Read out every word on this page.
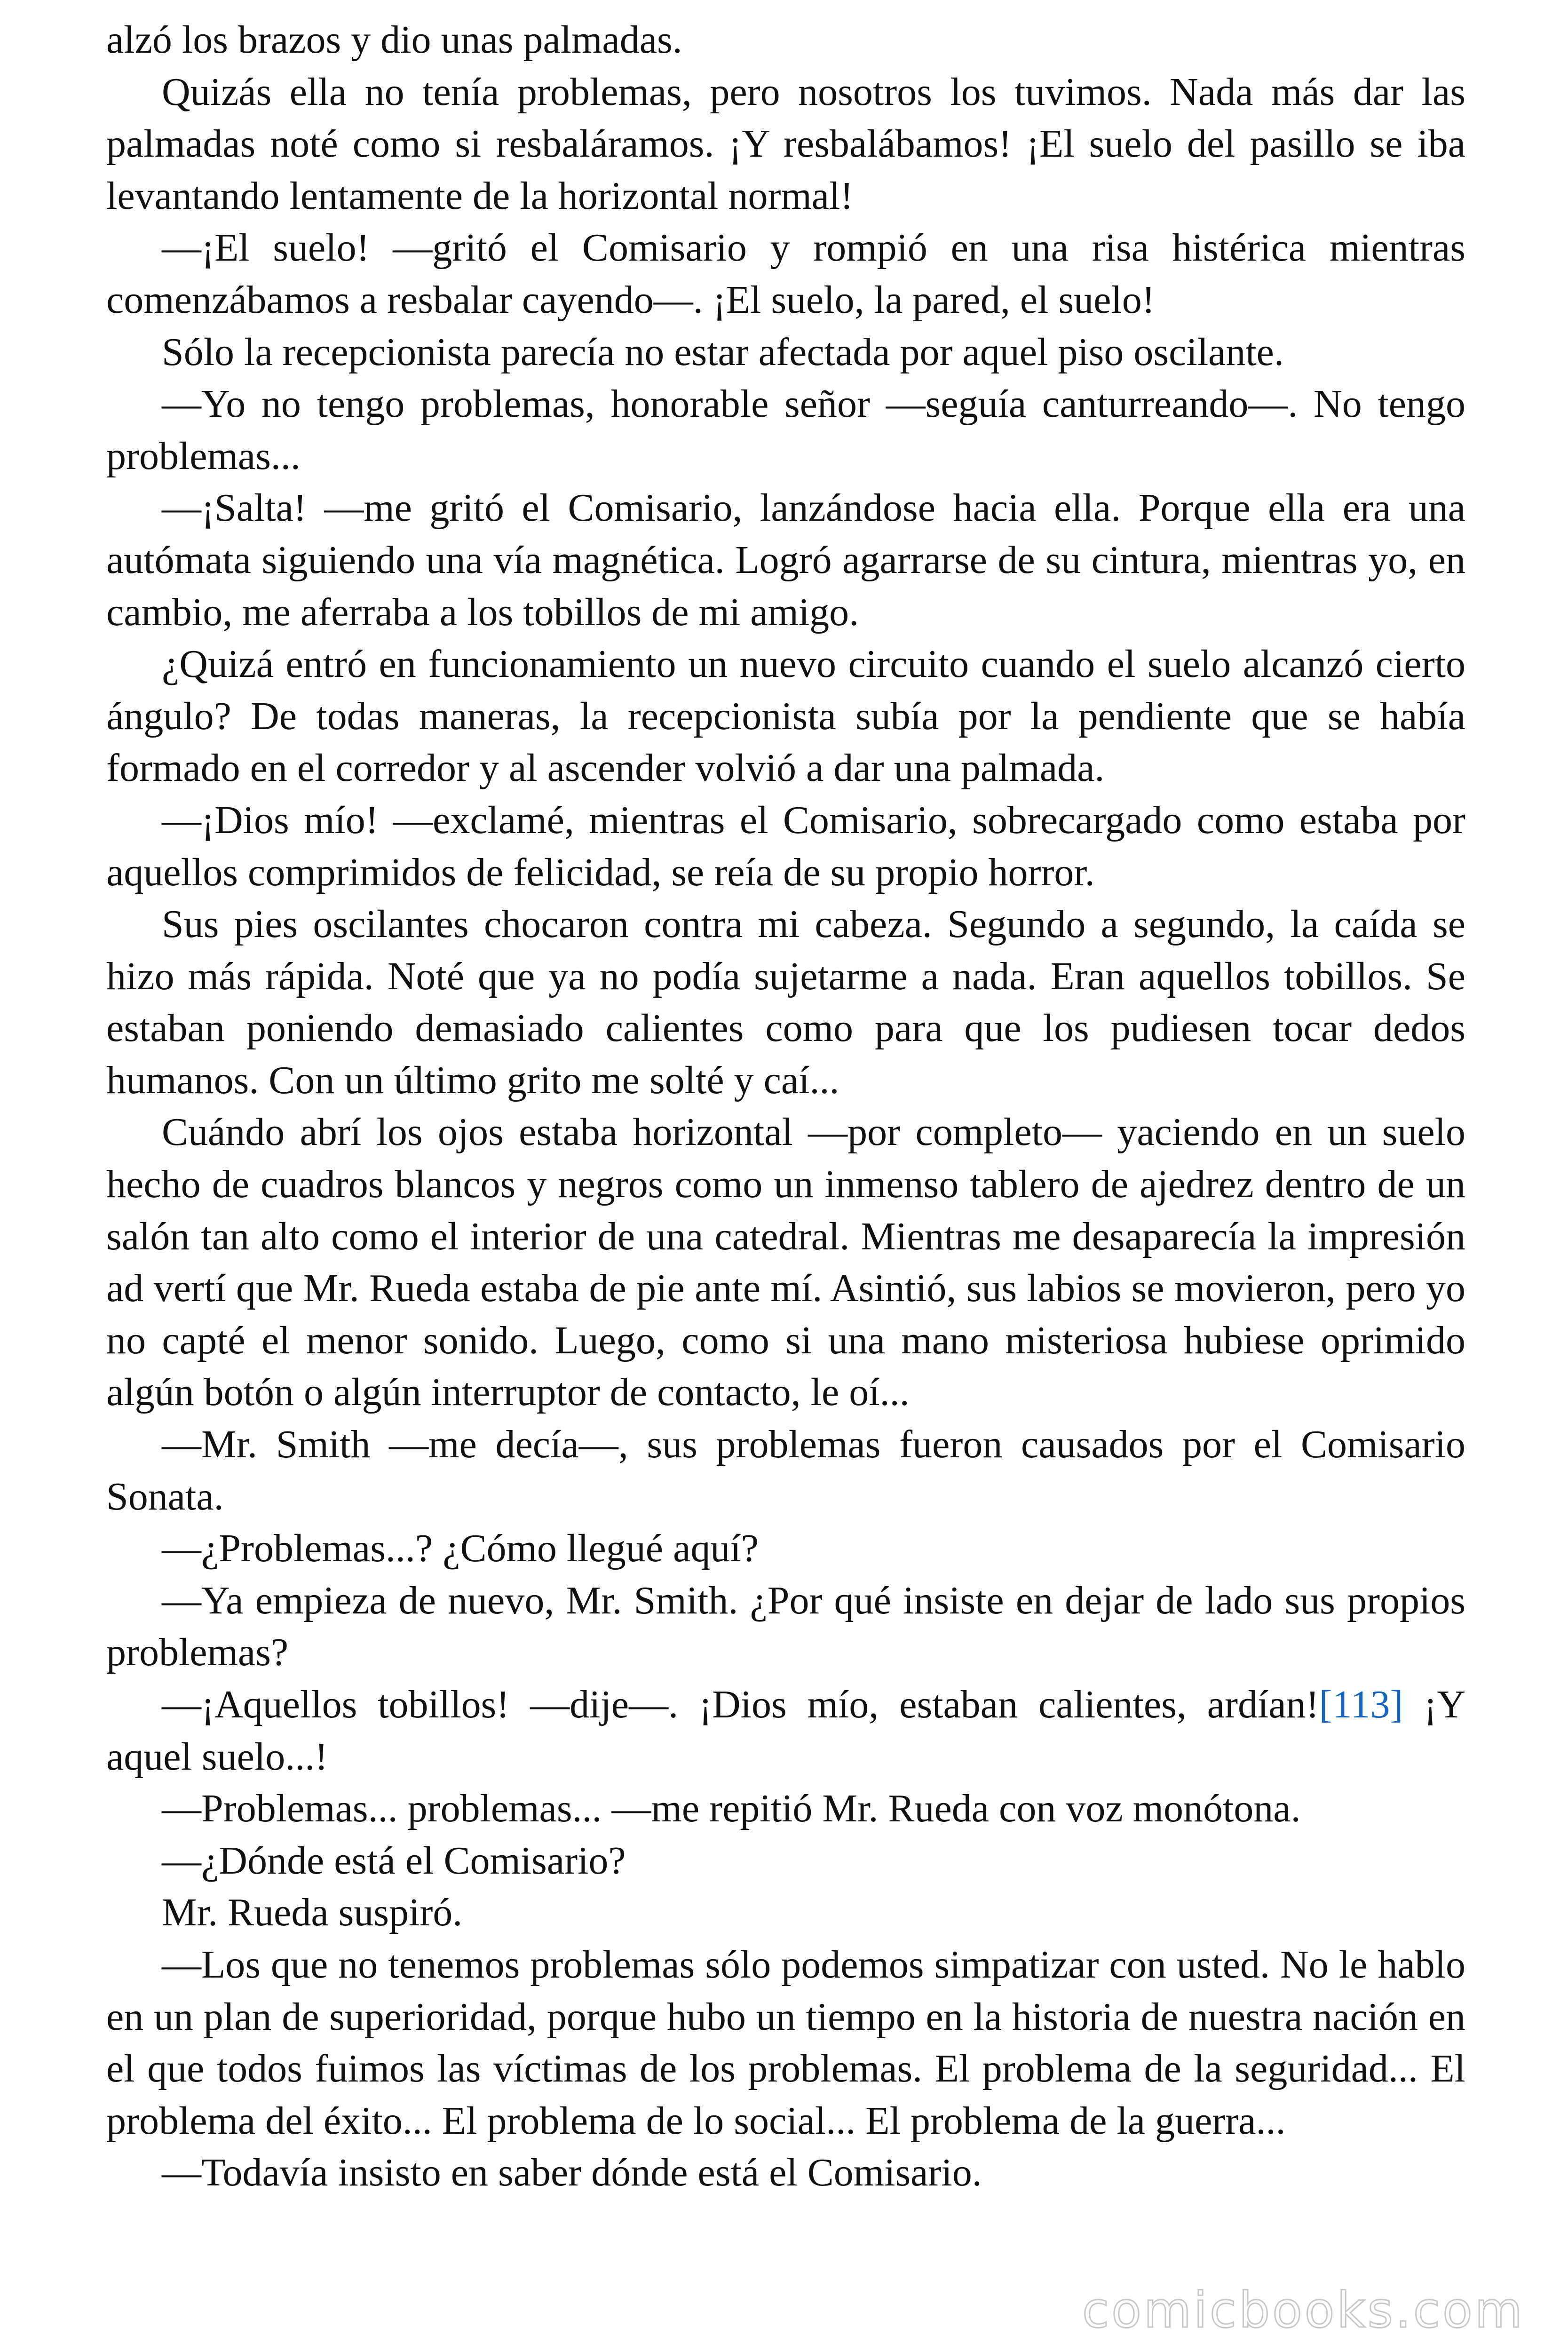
alzó los brazos y dio unas palmadas.

Quizás ella no tenía problemas, pero nosotros los tuvimos. Nada más dar las palmadas noté como si resbaláramos. ¡Y resbalábamos! ¡El suelo del pasillo se iba levantando lentamente de la horizontal normal!

—¡El suelo! —gritó el Comisario y rompió en una risa histérica mientras comenzábamos a resbalar cayendo—. ¡El suelo, la pared, el suelo!

Sólo la recepcionista parecía no estar afectada por aquel piso oscilante.

—Yo no tengo problemas, honorable señor —seguía canturreando—. No tengo problemas...

—¡Salta! —me gritó el Comisario, lanzándose hacia ella. Porque ella era una autómata siguiendo una vía magnética. Logró agarrarse de su cintura, mientras yo, en cambio, me aferraba a los tobillos de mi amigo.

¿Quizá entró en funcionamiento un nuevo circuito cuando el suelo alcanzó cierto ángulo? De todas maneras, la recepcionista subía por la pendiente que se había formado en el corredor y al ascender volvió a dar una palmada.

—¡Dios mío! —exclamé, mientras el Comisario, sobrecargado como estaba por aquellos comprimidos de felicidad, se reía de su propio horror.

Sus pies oscilantes chocaron contra mi cabeza. Segundo a segundo, la caída se hizo más rápida. Noté que ya no podía sujetarme a nada. Eran aquellos tobillos. Se estaban poniendo demasiado calientes como para que los pudiesen tocar dedos humanos. Con un último grito me solté y caí...

Cuándo abrí los ojos estaba horizontal —por completo— yaciendo en un suelo hecho de cuadros blancos y negros como un inmenso tablero de ajedrez dentro de un salón tan alto como el interior de una catedral. Mientras me desaparecía la impresión ad vertí que Mr. Rueda estaba de pie ante mí. Asintió, sus labios se movieron, pero yo no capté el menor sonido. Luego, como si una mano misteriosa hubiese oprimido algún botón o algún interruptor de contacto, le oí...

—Mr. Smith —me decía—, sus problemas fueron causados por el Comisario Sonata.

—¿Problemas...? ¿Cómo llegué aquí?

—Ya empieza de nuevo, Mr. Smith. ¿Por qué insiste en dejar de lado sus propios problemas?

—¡Aquellos tobillos! —dije—. ¡Dios mío, estaban calientes, ardían![113] ¡Y aquel suelo...!

—Problemas... problemas... —me repitió Mr. Rueda con voz monótona.

—¿Dónde está el Comisario?

Mr. Rueda suspiró.

—Los que no tenemos problemas sólo podemos simpatizar con usted. No le hablo en un plan de superioridad, porque hubo un tiempo en la historia de nuestra nación en el que todos fuimos las víctimas de los problemas. El problema de la seguridad... El problema del éxito... El problema de lo social... El problema de la guerra...

—Todavía insisto en saber dónde está el Comisario.

comicbooks.com
